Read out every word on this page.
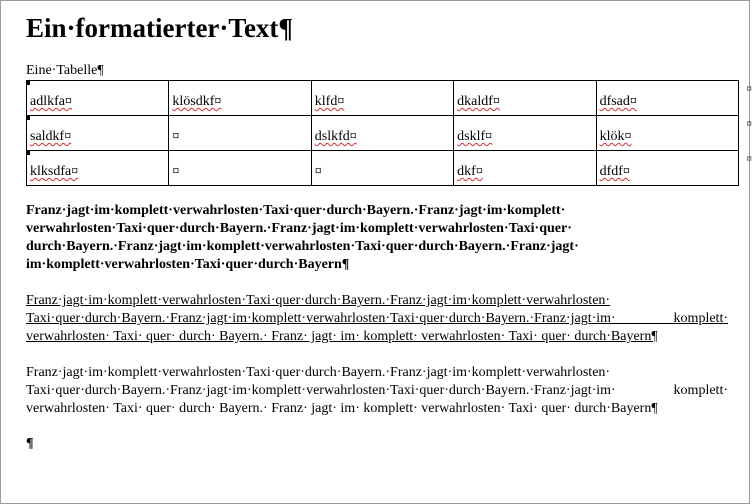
Ein·formatierter·Text¶
Eine·Tabelle¶
adlkfa¤	klösdkf¤	klfd¤	dkaldf¤	dfsad¤
¤

saldkf¤	¤	dslkfd¤	dsklf¤	klök¤
¤

klksdfa¤	¤	¤	dkf¤	dfdf¤
¤

Franz·jagt·im·komplett·verwahrlosten·Taxi·quer·durch·Bayern.·Franz·jagt·im·komplett· verwahrlosten·Taxi·quer·durch·Bayern.·Franz·jagt·im·komplett·verwahrlosten·Taxi·quer· durch·Bayern.·Franz·jagt·im·komplett·verwahrlosten·Taxi·quer·durch·Bayern.·Franz·jagt· im·komplett·verwahrlosten·Taxi·quer·durch·Bayern¶

Franz·jagt·im·komplett·verwahrlosten·Taxi·quer·durch·Bayern.·Franz·jagt·im·komplett·verwahrlosten· Taxi·quer·durch·Bayern.·Franz·jagt·im·komplett·verwahrlosten·Taxi·quer·durch·Bayern.·Franz·jagt·im· komplett· verwahrlosten· Taxi· quer· durch· Bayern.· Franz· jagt· im· komplett· verwahrlosten· Taxi· quer· durch·Bayern¶

Franz·jagt·im·komplett·verwahrlosten·Taxi·quer·durch·Bayern.·Franz·jagt·im·komplett·verwahrlosten· Taxi·quer·durch·Bayern.·Franz·jagt·im·komplett·verwahrlosten·Taxi·quer·durch·Bayern.·Franz·jagt·im· komplett· verwahrlosten· Taxi· quer· durch· Bayern.· Franz· jagt· im· komplett· verwahrlosten· Taxi· quer· durch·Bayern¶

¶
